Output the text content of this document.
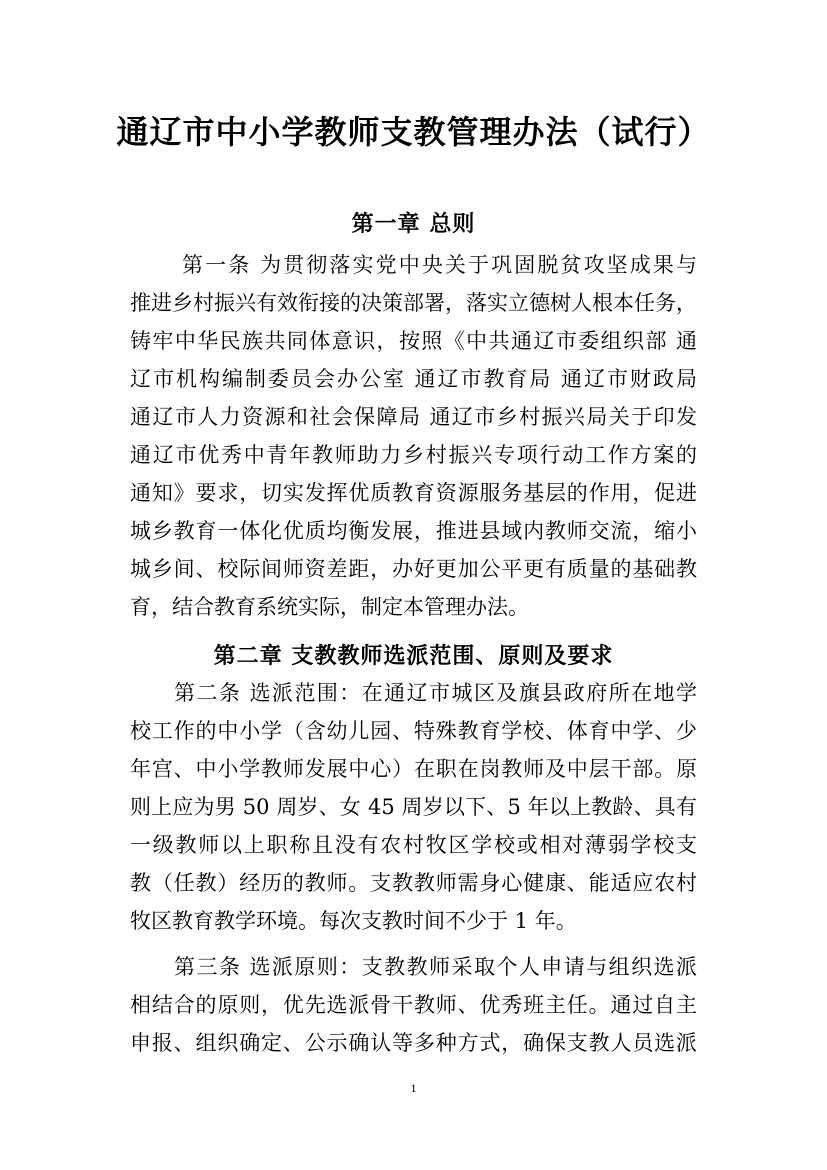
通辽市中小学教师支教管理办法（试行）
第一章 总则
第一条 为贯彻落实党中央关于巩固脱贫攻坚成果与
推进乡村振兴有效衔接的决策部署，落实立德树人根本任务，
铸牢中华民族共同体意识，按照《中共通辽市委组织部 通
辽市机构编制委员会办公室 通辽市教育局 通辽市财政局
通辽市人力资源和社会保障局 通辽市乡村振兴局关于印发
通辽市优秀中青年教师助力乡村振兴专项行动工作方案的
通知》要求，切实发挥优质教育资源服务基层的作用，促进
城乡教育一体化优质均衡发展，推进县域内教师交流，缩小
城乡间、校际间师资差距，办好更加公平更有质量的基础教
育，结合教育系统实际，制定本管理办法。
第二章 支教教师选派范围、原则及要求
第二条 选派范围：在通辽市城区及旗县政府所在地学
校工作的中小学（含幼儿园、特殊教育学校、体育中学、少
年宫、中小学教师发展中心）在职在岗教师及中层干部。原
则上应为男 50 周岁、女 45 周岁以下、5 年以上教龄、具有
一级教师以上职称且没有农村牧区学校或相对薄弱学校支
教（任教）经历的教师。支教教师需身心健康、能适应农村
牧区教育教学环境。每次支教时间不少于 1 年。
第三条 选派原则：支教教师采取个人申请与组织选派
相结合的原则，优先选派骨干教师、优秀班主任。通过自主
申报、组织确定、公示确认等多种方式，确保支教人员选派
1
